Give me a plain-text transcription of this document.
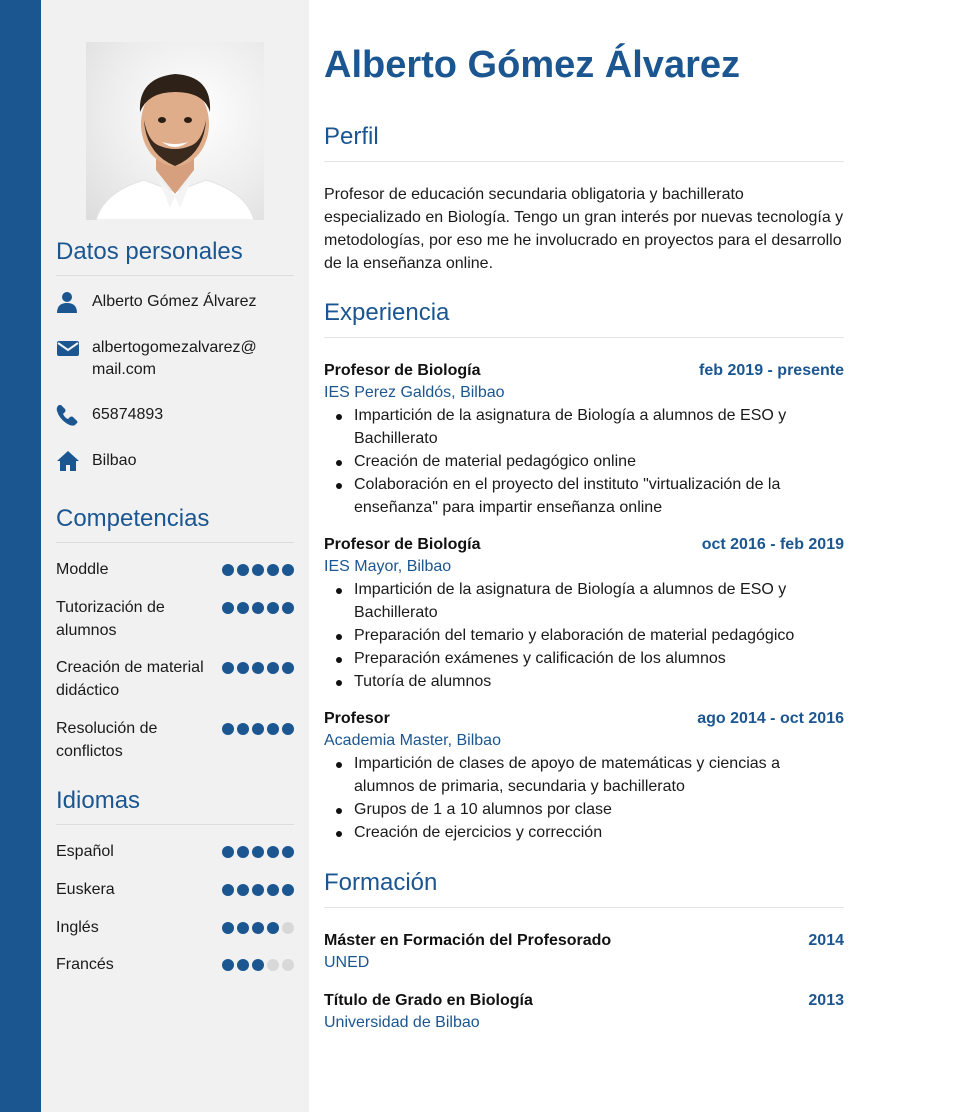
Datos personales
Alberto Gómez Álvarez
albertogomezalvarez@ mail.com
65874893
Bilbao
Competencias
Moddle
Tutorización de alumnos
Creación de material didáctico
Resolución de conflictos
Idiomas
Español
Euskera
Inglés
Francés
Alberto Gómez Álvarez
Perfil

Profesor de educación secundaria obligatoria y bachillerato especializado en Biología. Tengo un gran interés por nuevas tecnología y metodologías, por eso me he involucrado en proyectos para el desarrollo de la enseñanza online.

Experiencia
Profesor de Biología	feb 2019 - presente
IES Perez Galdós, Bilbao
Impartición de la asignatura de Biología a alumnos de ESO y Bachillerato
Creación de material pedagógico online
Colaboración en el proyecto del instituto "virtualización de la enseñanza" para impartir enseñanza online
Profesor de Biología	oct 2016 - feb 2019
IES Mayor, Bilbao
Impartición de la asignatura de Biología a alumnos de ESO y Bachillerato
Preparación del temario y elaboración de material pedagógico
Preparación exámenes y calificación de los alumnos
Tutoría de alumnos
Profesor	ago 2014 - oct 2016
Academia Master, Bilbao
Impartición de clases de apoyo de matemáticas y ciencias a alumnos de primaria, secundaria y bachillerato
Grupos de 1 a 10 alumnos por clase
Creación de ejercicios y corrección
Formación
Máster en Formación del Profesorado	2014
UNED
Título de Grado en Biología	2013
Universidad de Bilbao
